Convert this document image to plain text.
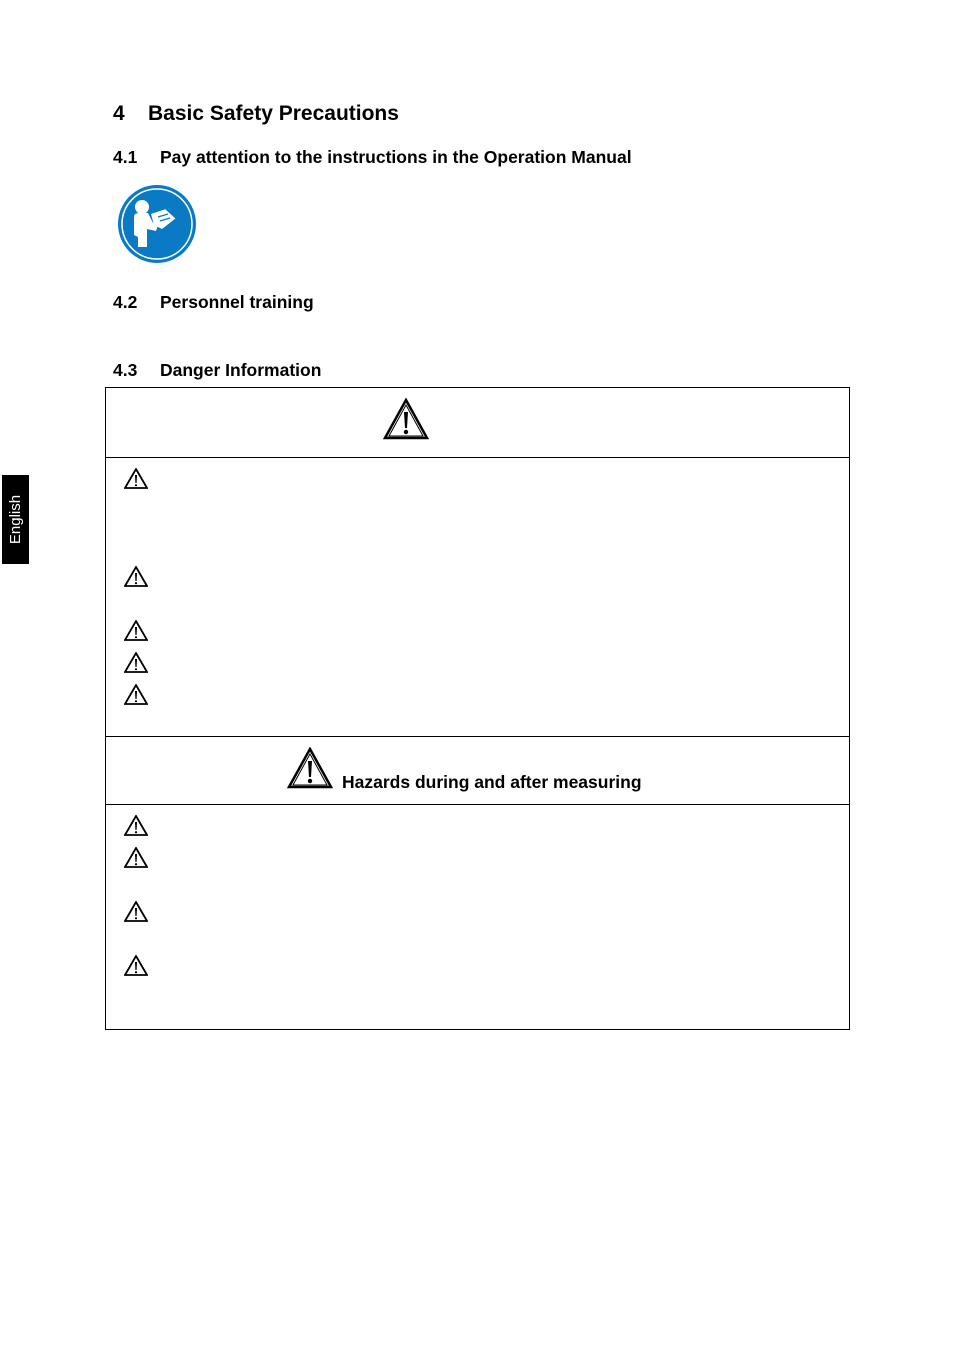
4	Basic Safety Precautions
4.1	Pay attention to the instructions in the Operation Manual
4.2	Personnel training
4.3	Danger Information
English
Hazards during and after measuring
